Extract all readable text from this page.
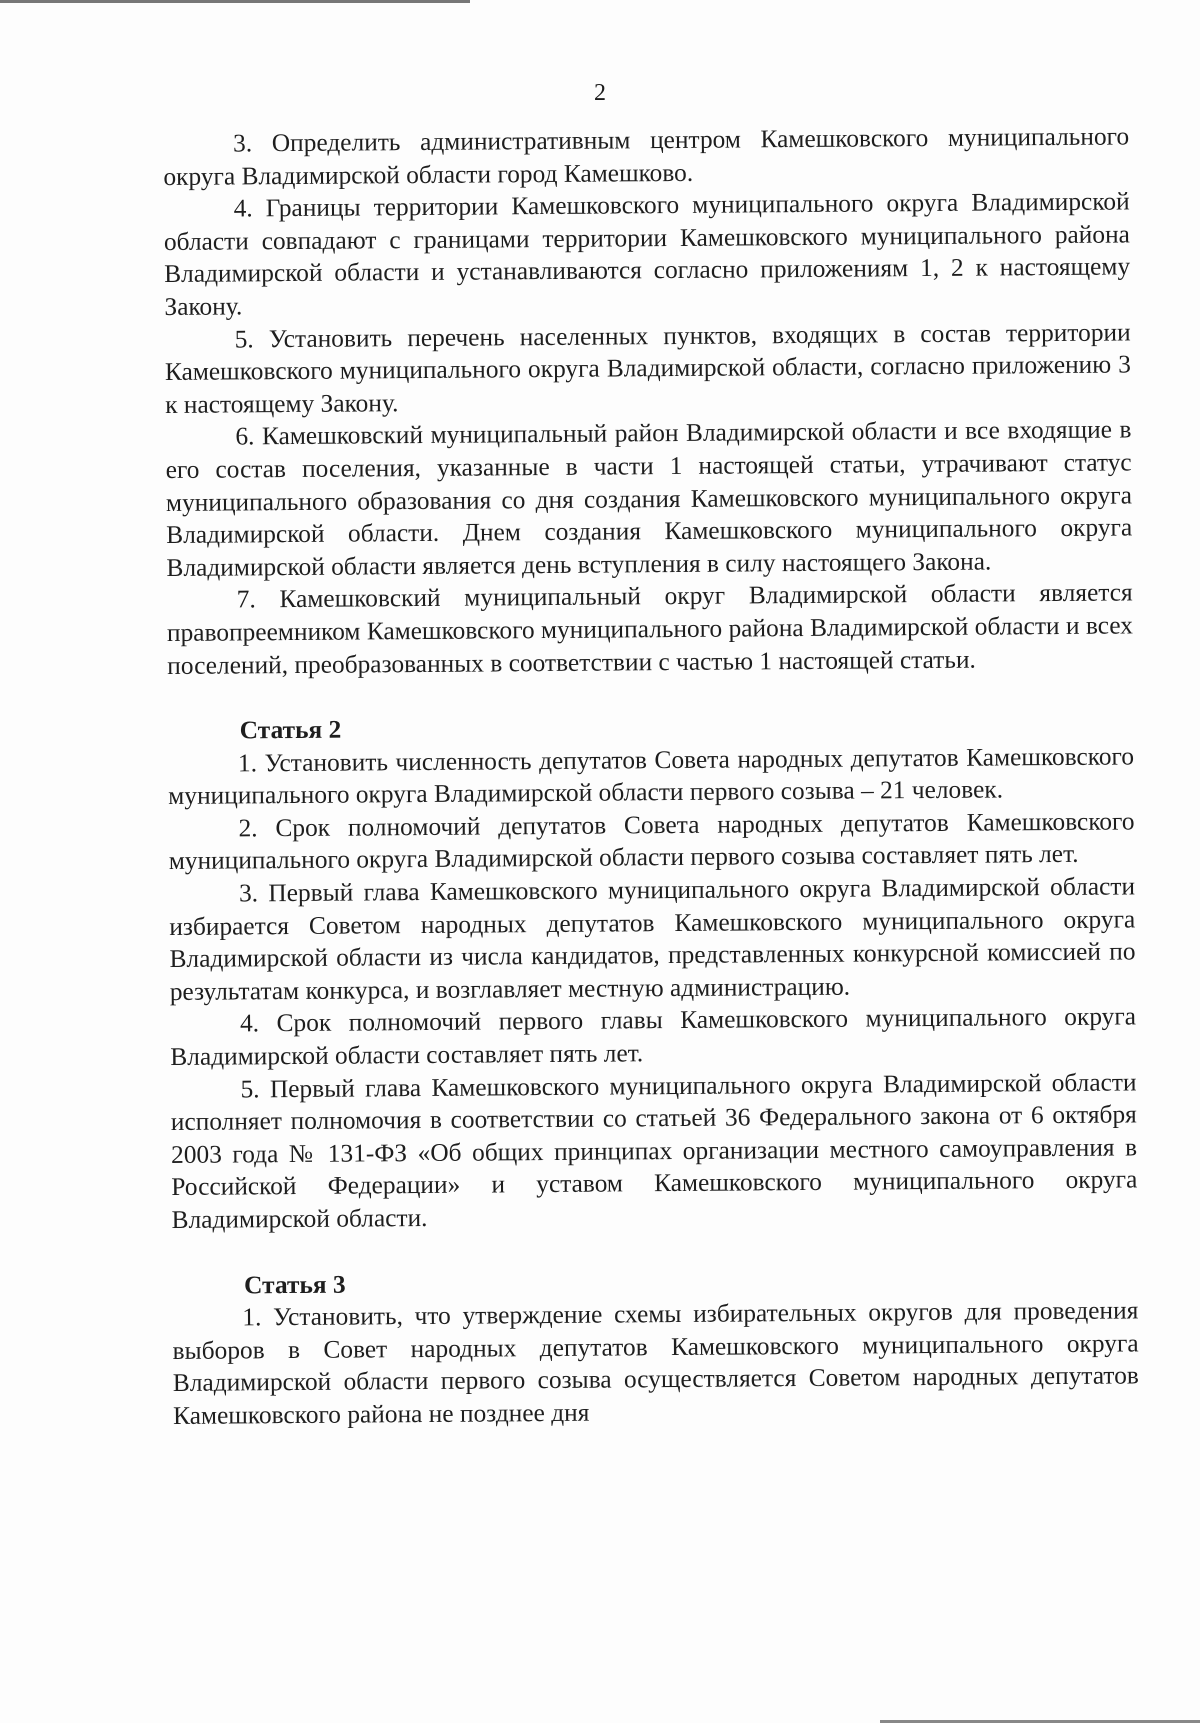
2

3. Определить административным центром Камешковского муниципального округа Владимирской области город Камешково.

4. Границы территории Камешковского муниципального округа Владимирской области совпадают с границами территории Камешковского муниципального района Владимирской области и устанавливаются согласно приложениям 1, 2 к настоящему Закону.

5. Установить перечень населенных пунктов, входящих в состав территории Камешковского муниципального округа Владимирской области, согласно приложению 3 к настоящему Закону.

6. Камешковский муниципальный район Владимирской области и все входящие в его состав поселения, указанные в части 1 настоящей статьи, утрачивают статус муниципального образования со дня создания Камешковского муниципального округа Владимирской области. Днем создания Камешковского муниципального округа Владимирской области является день вступления в силу настоящего Закона.

7. Камешковский муниципальный округ Владимирской области является правопреемником Камешковского муниципального района Владимирской области и всех поселений, преобразованных в соответствии с частью 1 настоящей статьи.

Статья 2

1. Установить численность депутатов Совета народных депутатов Камешковского муниципального округа Владимирской области первого созыва – 21 человек.

2. Срок полномочий депутатов Совета народных депутатов Камешковского муниципального округа Владимирской области первого созыва составляет пять лет.

3. Первый глава Камешковского муниципального округа Владимирской области избирается Советом народных депутатов Камешковского муниципального округа Владимирской области из числа кандидатов, представленных конкурсной комиссией по результатам конкурса, и возглавляет местную администрацию.

4. Срок полномочий первого главы Камешковского муниципального округа Владимирской области составляет пять лет.

5. Первый глава Камешковского муниципального округа Владимирской области исполняет полномочия в соответствии со статьей 36 Федерального закона от 6 октября 2003 года № 131-ФЗ «Об общих принципах организации местного самоуправления в Российской Федерации» и уставом Камешковского муниципального округа Владимирской области.

Статья 3

1. Установить, что утверждение схемы избирательных округов для проведения выборов в Совет народных депутатов Камешковского муниципального округа Владимирской области первого созыва осуществляется Советом народных депутатов Камешковского района не позднее дня
